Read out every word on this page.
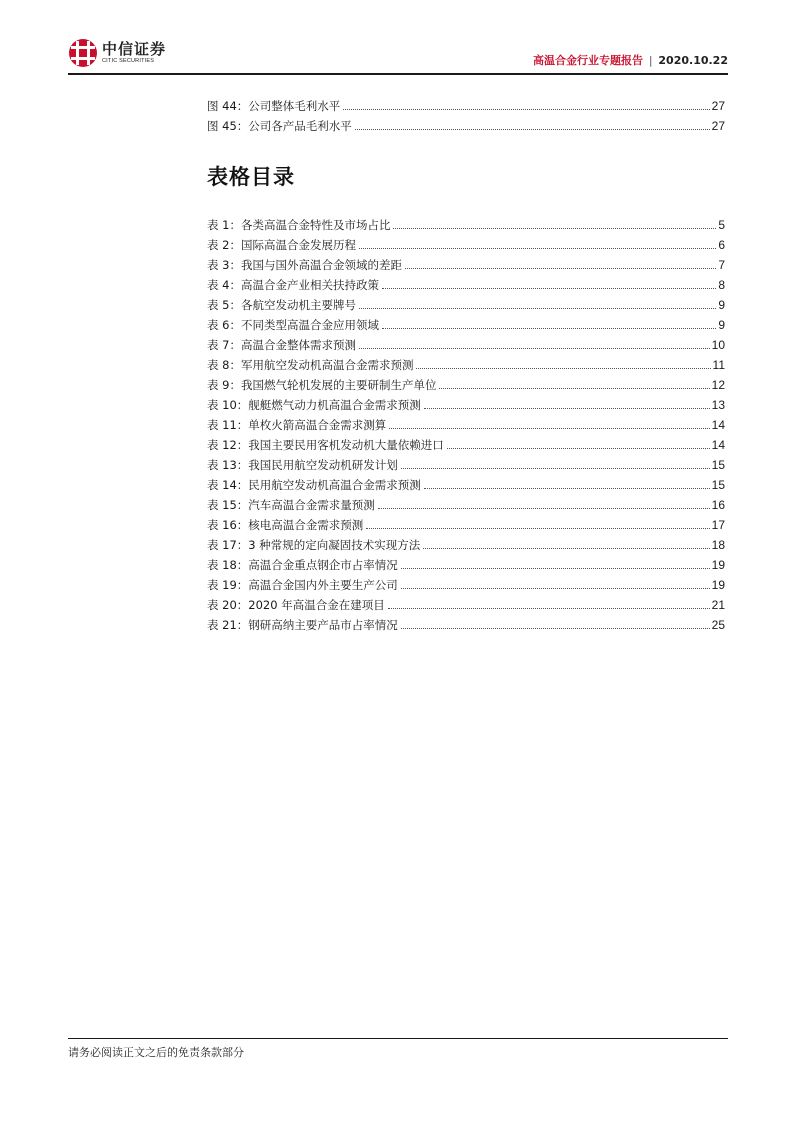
中信证券
CITIC SECURITIES	高温合金行业专题报告 | 2020.10.22
图 44：公司整体毛利水平	27
图 45：公司各产品毛利水平	27
表格目录
表 1：各类高温合金特性及市场占比	5
表 2：国际高温合金发展历程	6
表 3：我国与国外高温合金领域的差距	7
表 4：高温合金产业相关扶持政策	8
表 5：各航空发动机主要牌号	9
表 6：不同类型高温合金应用领域	9
表 7：高温合金整体需求预测	10
表 8：军用航空发动机高温合金需求预测	11
表 9：我国燃气轮机发展的主要研制生产单位	12
表 10：舰艇燃气动力机高温合金需求预测	13
表 11：单枚火箭高温合金需求测算	14
表 12：我国主要民用客机发动机大量依赖进口	14
表 13：我国民用航空发动机研发计划	15
表 14：民用航空发动机高温合金需求预测	15
表 15：汽车高温合金需求量预测	16
表 16：核电高温合金需求预测	17
表 17：3 种常规的定向凝固技术实现方法	18
表 18：高温合金重点钢企市占率情况	19
表 19：高温合金国内外主要生产公司	19
表 20：2020 年高温合金在建项目	21
表 21：钢研高纳主要产品市占率情况	25
请务必阅读正文之后的免责条款部分
